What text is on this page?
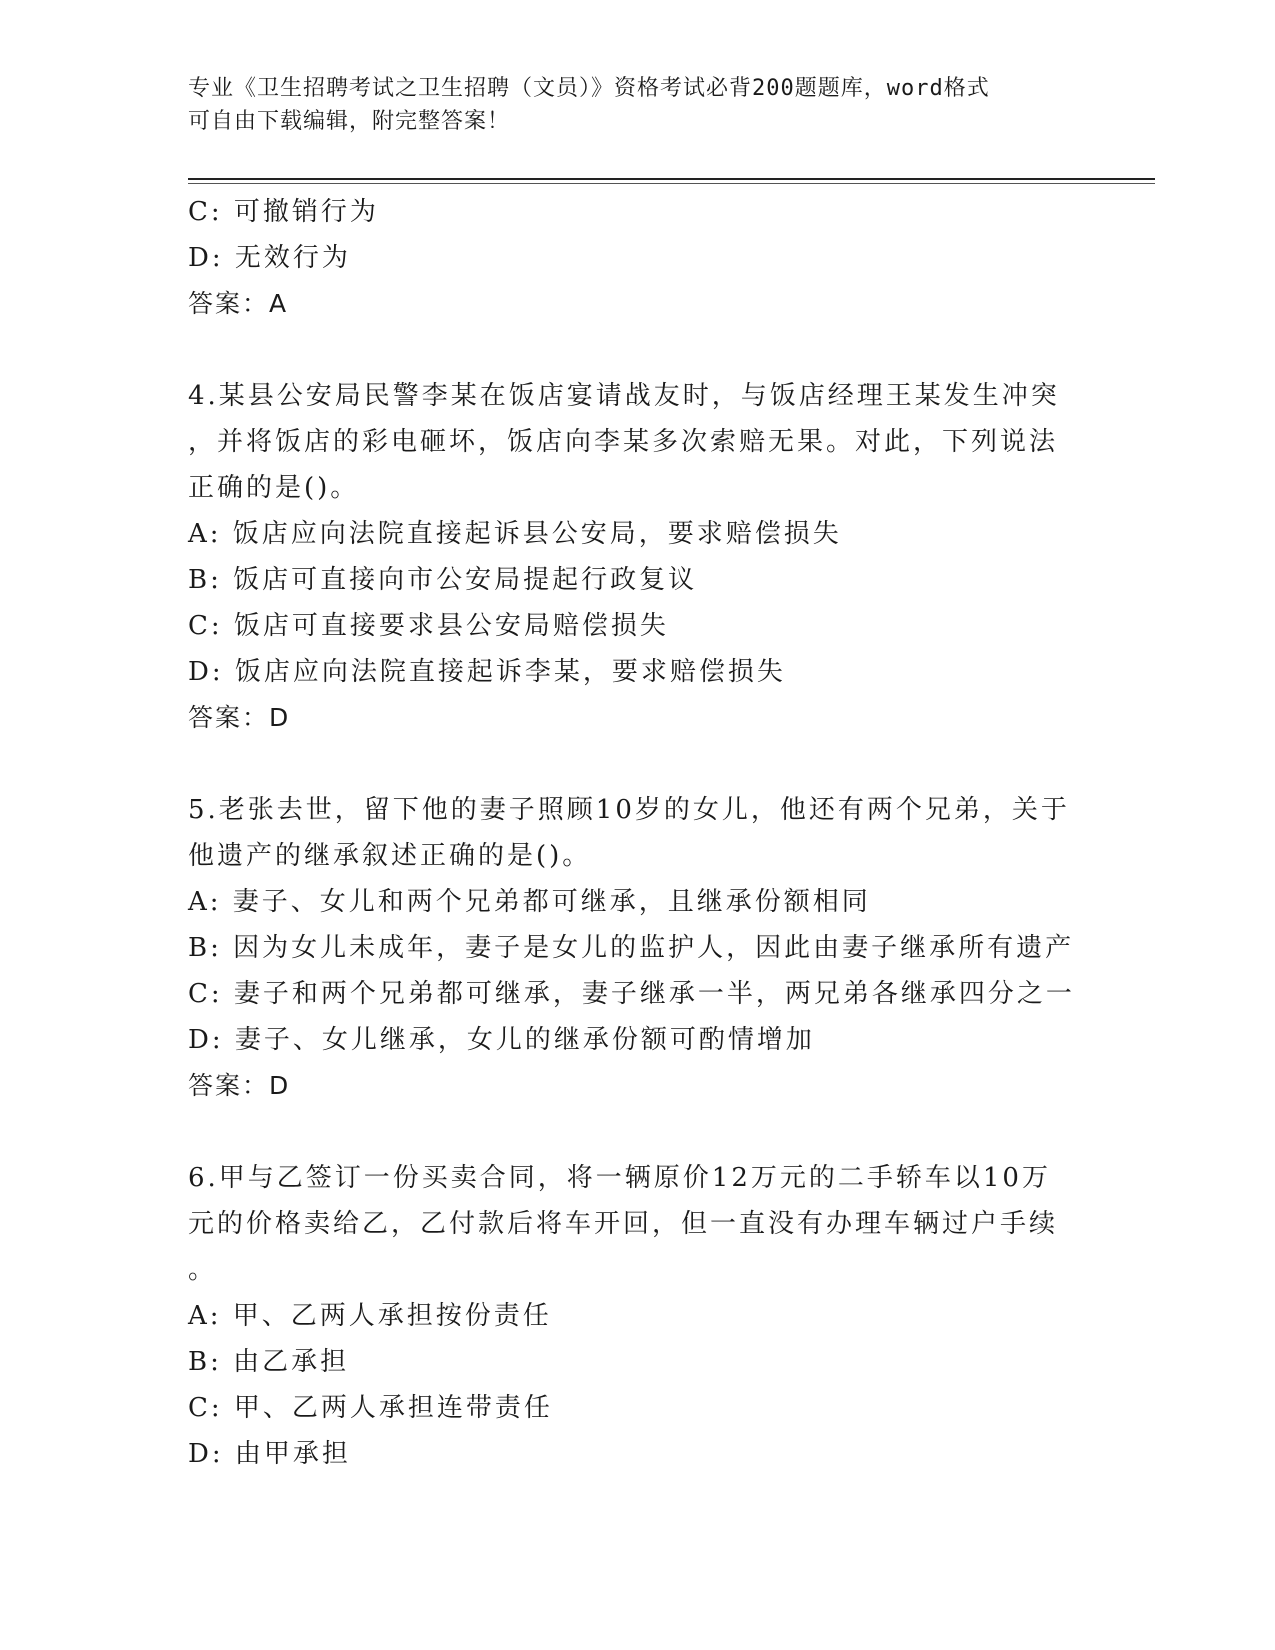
专业《卫生招聘考试之卫生招聘（文员）》资格考试必背200题题库，word格式
可自由下载编辑，附完整答案！
C: 可撤销行为
D: 无效行为
答案：A
4.某县公安局民警李某在饭店宴请战友时，与饭店经理王某发生冲突
，并将饭店的彩电砸坏，饭店向李某多次索赔无果。对此，下列说法
正确的是()。
A: 饭店应向法院直接起诉县公安局，要求赔偿损失
B: 饭店可直接向市公安局提起行政复议
C: 饭店可直接要求县公安局赔偿损失
D: 饭店应向法院直接起诉李某，要求赔偿损失
答案：D
5.老张去世，留下他的妻子照顾10岁的女儿，他还有两个兄弟，关于
他遗产的继承叙述正确的是()。
A: 妻子、女儿和两个兄弟都可继承，且继承份额相同
B: 因为女儿未成年，妻子是女儿的监护人，因此由妻子继承所有遗产
C: 妻子和两个兄弟都可继承，妻子继承一半，两兄弟各继承四分之一
D: 妻子、女儿继承，女儿的继承份额可酌情增加
答案：D
6.甲与乙签订一份买卖合同，将一辆原价12万元的二手轿车以10万
元的价格卖给乙，乙付款后将车开回，但一直没有办理车辆过户手续
。
A: 甲、乙两人承担按份责任
B: 由乙承担
C: 甲、乙两人承担连带责任
D: 由甲承担
